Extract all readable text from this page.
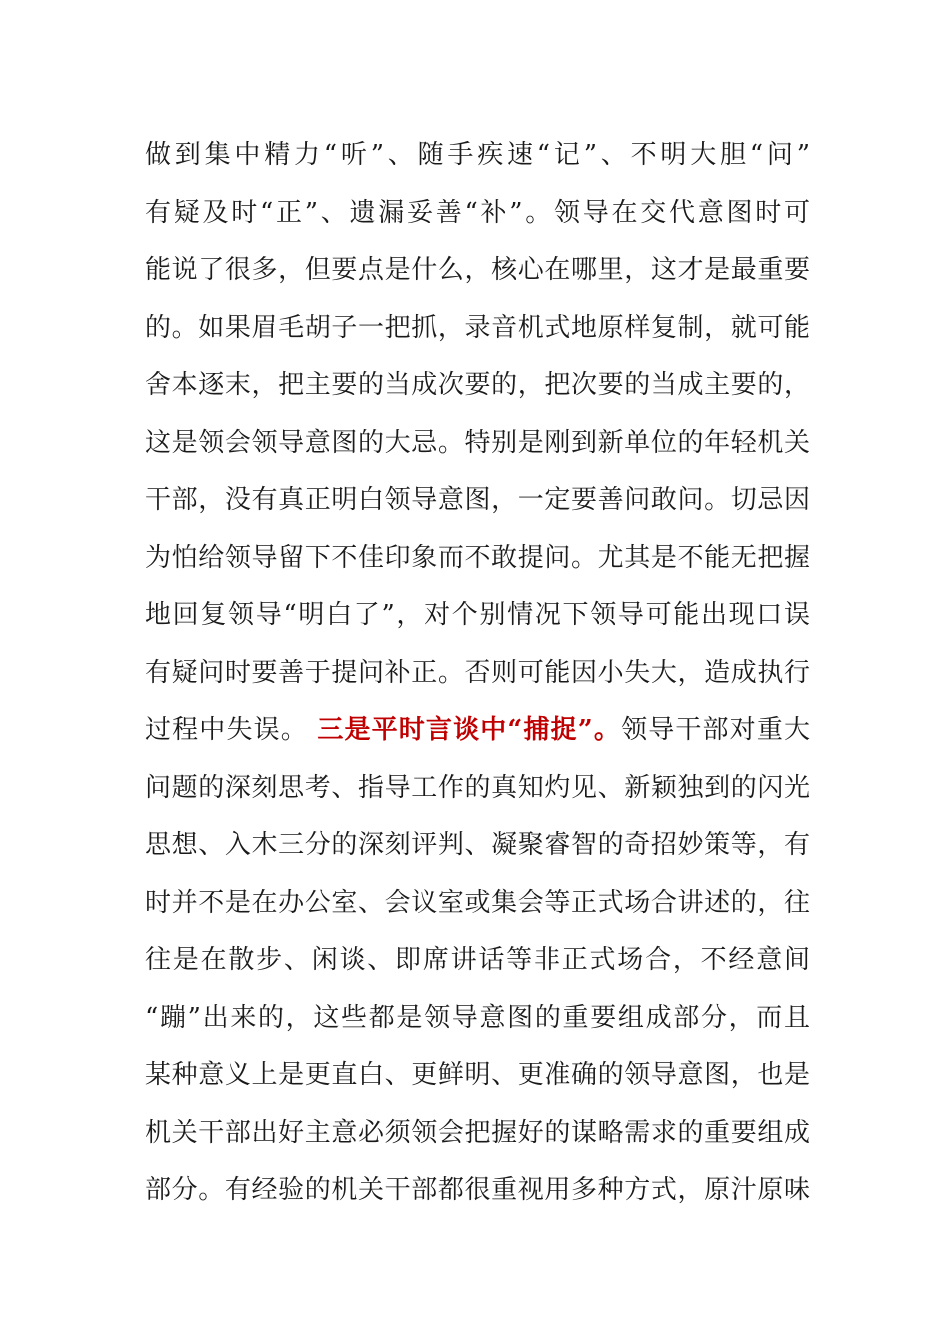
做到集中精力“听”、随手疾速“记”、不明大胆“问”
有疑及时“正”、遗漏妥善“补”。领导在交代意图时可
能说了很多，但要点是什么，核心在哪里，这才是最重要
的。如果眉毛胡子一把抓，录音机式地原样复制，就可能
舍本逐末，把主要的当成次要的，把次要的当成主要的，
这是领会领导意图的大忌。特别是刚到新单位的年轻机关
干部，没有真正明白领导意图，一定要善问敢问。切忌因
为怕给领导留下不佳印象而不敢提问。尤其是不能无把握
地回复领导“明白了”，对个别情况下领导可能出现口误
有疑问时要善于提问补正。否则可能因小失大，造成执行
过程中失误。 三是平时言谈中“捕捉”。领导干部对重大
问题的深刻思考、指导工作的真知灼见、新颖独到的闪光
思想、入木三分的深刻评判、凝聚睿智的奇招妙策等，有
时并不是在办公室、会议室或集会等正式场合讲述的，往
往是在散步、闲谈、即席讲话等非正式场合，不经意间
“蹦”出来的，这些都是领导意图的重要组成部分，而且
某种意义上是更直白、更鲜明、更准确的领导意图，也是
机关干部出好主意必须领会把握好的谋略需求的重要组成
部分。有经验的机关干部都很重视用多种方式，原汁原味
